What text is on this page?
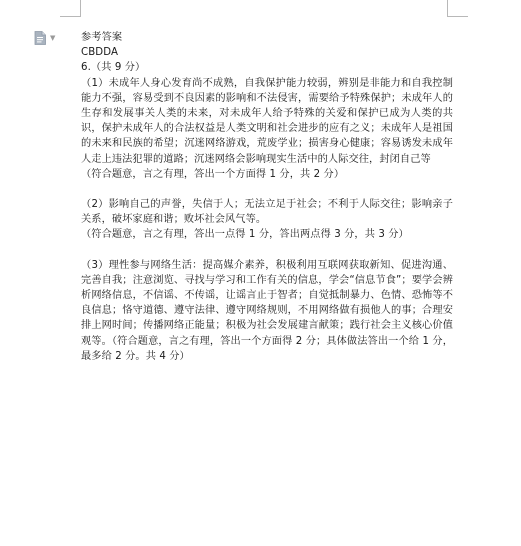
▼	参考答案
CBDDA
6.（共 9 分）
（1）未成年人身心发育尚不成熟，自我保护能力较弱，辨别是非能力和自我控制能力不强，容易受到不良因素的影响和不法侵害，需要给予特殊保护；未成年人的生存和发展事关人类的未来，对未成年人给予特殊的关爱和保护已成为人类的共识，保护未成年人的合法权益是人类文明和社会进步的应有之义；未成年人是祖国的未来和民族的希望；沉迷网络游戏，荒废学业；损害身心健康；容易诱发未成年人走上违法犯罪的道路；沉迷网络会影响现实生活中的人际交往，封闭自己等
（符合题意，言之有理，答出一个方面得 1 分，共 2 分）
（2）影响自己的声誉，失信于人；无法立足于社会；不利于人际交往；影响亲子关系，破坏家庭和谐；败坏社会风气等。
（符合题意，言之有理，答出一点得 1 分，答出两点得 3 分，共 3 分）
（3）理性参与网络生活：提高媒介素养，积极利用互联网获取新知、促进沟通、完善自我；注意浏览、寻找与学习和工作有关的信息，学会“信息节食”；要学会辨析网络信息，不信谣、不传谣，让谣言止于智者；自觉抵制暴力、色情、恐怖等不良信息；恪守道德、遵守法律、遵守网络规则，不用网络做有损他人的事；合理安排上网时间；传播网络正能量；积极为社会发展建言献策；践行社会主义核心价值观等。（符合题意，言之有理，答出一个方面得 2 分；具体做法答出一个给 1 分，最多给 2 分。共 4 分）
